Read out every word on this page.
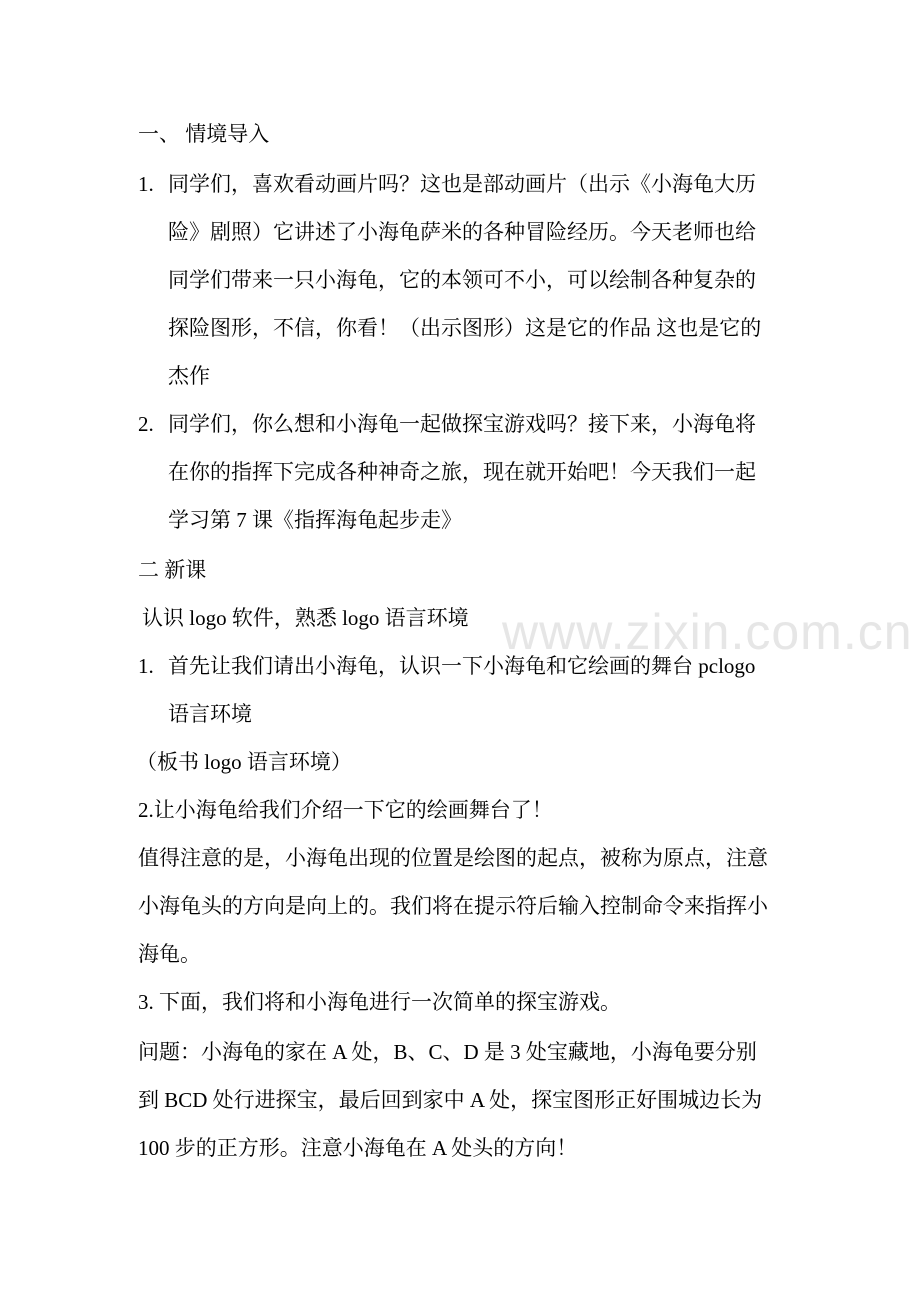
www.zixin.com.cn
一、 情境导入
1. 同学们，喜欢看动画片吗？这也是部动画片（出示《小海龟大历
险》剧照）它讲述了小海龟萨米的各种冒险经历。今天老师也给
同学们带来一只小海龟，它的本领可不小，可以绘制各种复杂的
探险图形，不信，你看！（出示图形）这是它的作品 这也是它的
杰作
2. 同学们，你么想和小海龟一起做探宝游戏吗？接下来，小海龟将
在你的指挥下完成各种神奇之旅，现在就开始吧！今天我们一起
学习第 7 课《指挥海龟起步走》
二 新课
认识 logo 软件，熟悉 logo 语言环境
1. 首先让我们请出小海龟，认识一下小海龟和它绘画的舞台 pclogo
语言环境
（板书 logo 语言环境）
2.让小海龟给我们介绍一下它的绘画舞台了！
值得注意的是，小海龟出现的位置是绘图的起点，被称为原点，注意
小海龟头的方向是向上的。我们将在提示符后输入控制命令来指挥小
海龟。
3. 下面，我们将和小海龟进行一次简单的探宝游戏。
问题：小海龟的家在 A 处，B、C、D 是 3 处宝藏地，小海龟要分别
到 BCD 处行进探宝，最后回到家中 A 处，探宝图形正好围城边长为
100 步的正方形。注意小海龟在 A 处头的方向！
